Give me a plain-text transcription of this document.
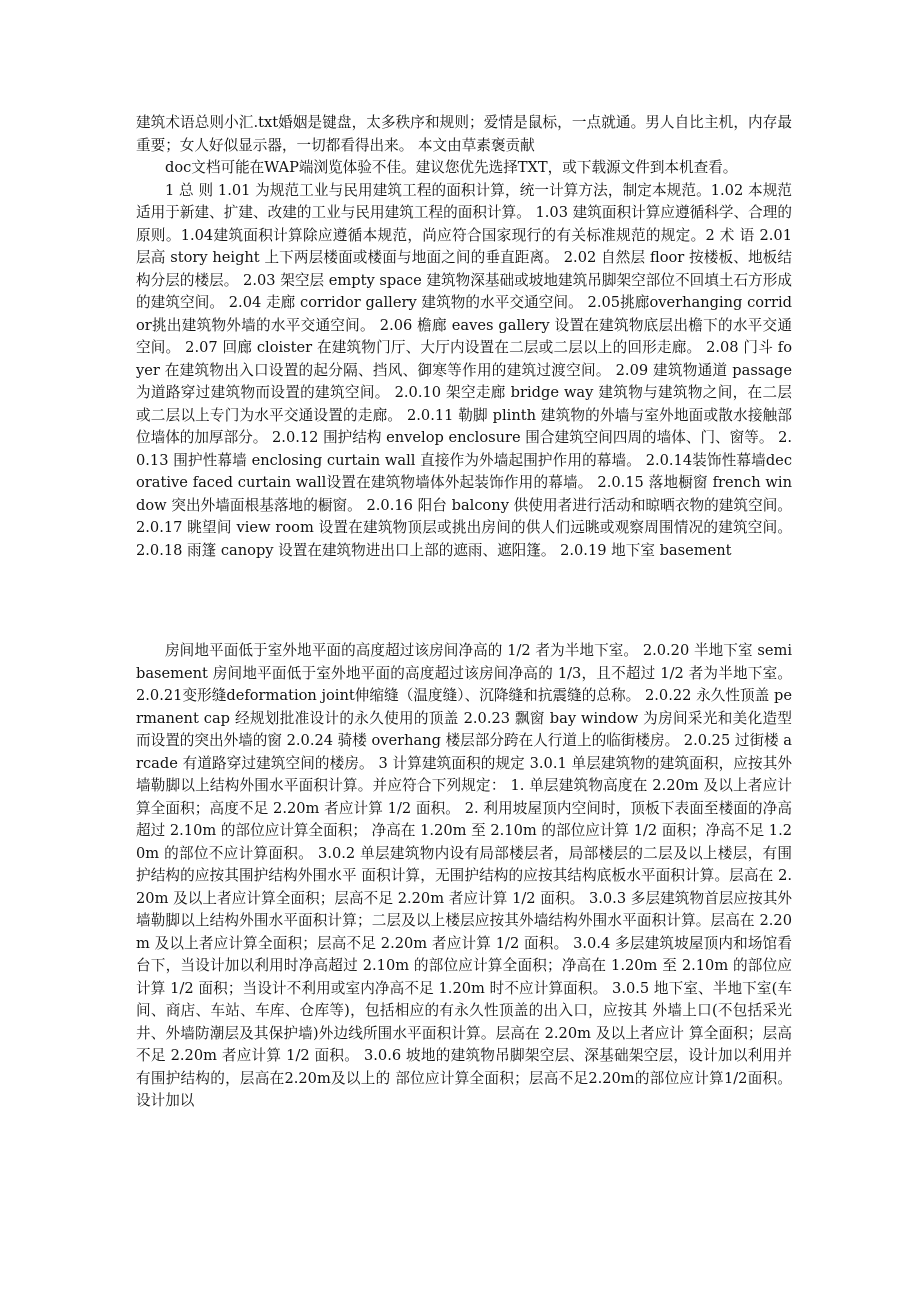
建筑术语总则小汇.txt婚姻是键盘，太多秩序和规则；爱情是鼠标，一点就通。男人自比主机，内存最重要；女人好似显示器，一切都看得出来。 本文由草素褒贡献

doc文档可能在WAP端浏览体验不佳。建议您优先选择TXT，或下载源文件到本机查看。

1 总 则 1.01 为规范工业与民用建筑工程的面积计算，统一计算方法，制定本规范。1.02 本规范适用于新建、扩建、改建的工业与民用建筑工程的面积计算。 1.03 建筑面积计算应遵循科学、合理的原则。1.04建筑面积计算除应遵循本规范，尚应符合国家现行的有关标准规范的规定。2 术 语 2.01 层高 story height 上下两层楼面或楼面与地面之间的垂直距离。 2.02 自然层 floor 按楼板、地板结构分层的楼层。 2.03 架空层 empty space 建筑物深基础或坡地建筑吊脚架空部位不回填土石方形成的建筑空间。 2.04 走廊 corridor gallery 建筑物的水平交通空间。 2.05挑廊overhanging corridor挑出建筑物外墙的水平交通空间。 2.06 檐廊 eaves gallery 设置在建筑物底层出檐下的水平交通空间。 2.07 回廊 cloister 在建筑物门厅、大厅内设置在二层或二层以上的回形走廊。 2.08 门斗 foyer 在建筑物出入口设置的起分隔、挡风、御寒等作用的建筑过渡空间。 2.09 建筑物通道 passage 为道路穿过建筑物而设置的建筑空间。 2.0.10 架空走廊 bridge way 建筑物与建筑物之间，在二层或二层以上专门为水平交通设置的走廊。 2.0.11 勒脚 plinth 建筑物的外墙与室外地面或散水接触部位墙体的加厚部分。 2.0.12 围护结构 envelop enclosure 围合建筑空间四周的墙体、门、窗等。 2.0.13 围护性幕墙 enclosing curtain wall 直接作为外墙起围护作用的幕墙。 2.0.14装饰性幕墙decorative faced curtain wall设置在建筑物墙体外起装饰作用的幕墙。 2.0.15 落地橱窗 french window 突出外墙面根基落地的橱窗。 2.0.16 阳台 balcony 供使用者进行活动和晾晒衣物的建筑空间。 2.0.17 眺望间 view room 设置在建筑物顶层或挑出房间的供人们远眺或观察周围情况的建筑空间。 2.0.18 雨篷 canopy 设置在建筑物进出口上部的遮雨、遮阳篷。 2.0.19 地下室 basement

房间地平面低于室外地平面的高度超过该房间净高的 1/2 者为半地下室。 2.0.20 半地下室 semi basement 房间地平面低于室外地平面的高度超过该房间净高的 1/3，且不超过 1/2 者为半地下室。2.0.21变形缝deformation joint伸缩缝（温度缝）、沉降缝和抗震缝的总称。 2.0.22 永久性顶盖 permanent cap 经规划批准设计的永久使用的顶盖 2.0.23 飘窗 bay window 为房间采光和美化造型而设置的突出外墙的窗 2.0.24 骑楼 overhang 楼层部分跨在人行道上的临街楼房。 2.0.25 过街楼 arcade 有道路穿过建筑空间的楼房。 3 计算建筑面积的规定 3.0.1 单层建筑物的建筑面积，应按其外墙勒脚以上结构外围水平面积计算。并应符合下列规定： 1. 单层建筑物高度在 2.20m 及以上者应计算全面积；高度不足 2.20m 者应计算 1/2 面积。 2. 利用坡屋顶内空间时，顶板下表面至楼面的净高超过 2.10m 的部位应计算全面积； 净高在 1.20m 至 2.10m 的部位应计算 1/2 面积；净高不足 1.20m 的部位不应计算面积。 3.0.2 单层建筑物内设有局部楼层者，局部楼层的二层及以上楼层，有围护结构的应按其围护结构外围水平 面积计算，无围护结构的应按其结构底板水平面积计算。层高在 2.20m 及以上者应计算全面积；层高不足 2.20m 者应计算 1/2 面积。 3.0.3 多层建筑物首层应按其外墙勒脚以上结构外围水平面积计算；二层及以上楼层应按其外墙结构外围水平面积计算。层高在 2.20m 及以上者应计算全面积；层高不足 2.20m 者应计算 1/2 面积。 3.0.4 多层建筑坡屋顶内和场馆看台下，当设计加以利用时净高超过 2.10m 的部位应计算全面积；净高在 1.20m 至 2.10m 的部位应计算 1/2 面积；当设计不利用或室内净高不足 1.20m 时不应计算面积。 3.0.5 地下室、半地下室(车间、商店、车站、车库、仓库等)，包括相应的有永久性顶盖的出入口，应按其 外墙上口(不包括采光井、外墙防潮层及其保护墙)外边线所围水平面积计算。层高在 2.20m 及以上者应计 算全面积；层高不足 2.20m 者应计算 1/2 面积。 3.0.6 坡地的建筑物吊脚架空层、深基础架空层，设计加以利用并有围护结构的，层高在2.20m及以上的 部位应计算全面积；层高不足2.20m的部位应计算1/2面积。设计加以
